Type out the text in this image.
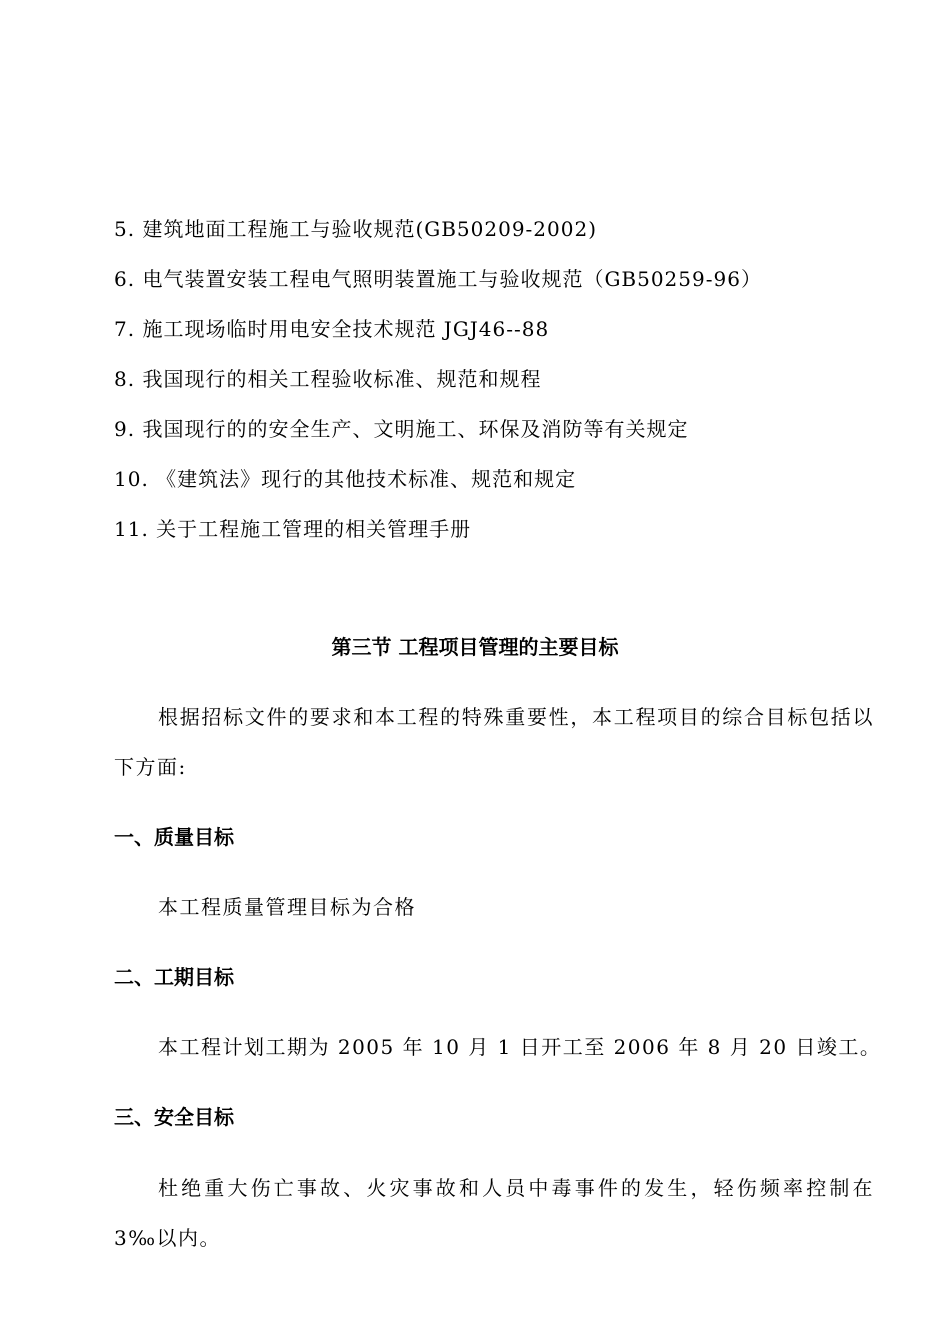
5. 建筑地面工程施工与验收规范(GB50209-2002)
6. 电气装置安装工程电气照明装置施工与验收规范（GB50259-96）
7. 施工现场临时用电安全技术规范 JGJ46--88
8. 我国现行的相关工程验收标准、规范和规程
9. 我国现行的的安全生产、文明施工、环保及消防等有关规定
10. 《建筑法》现行的其他技术标准、规范和规定
11. 关于工程施工管理的相关管理手册
第三节 工程项目管理的主要目标
根据招标文件的要求和本工程的特殊重要性，本工程项目的综合目标包括以下方面:
一、质量目标
本工程质量管理目标为合格
二、工期目标
本工程计划工期为 2005 年 10 月 1 日开工至 2006 年 8 月 20 日竣工。
三、安全目标
杜绝重大伤亡事故、火灾事故和人员中毒事件的发生，轻伤频率控制在 3‰以内。
